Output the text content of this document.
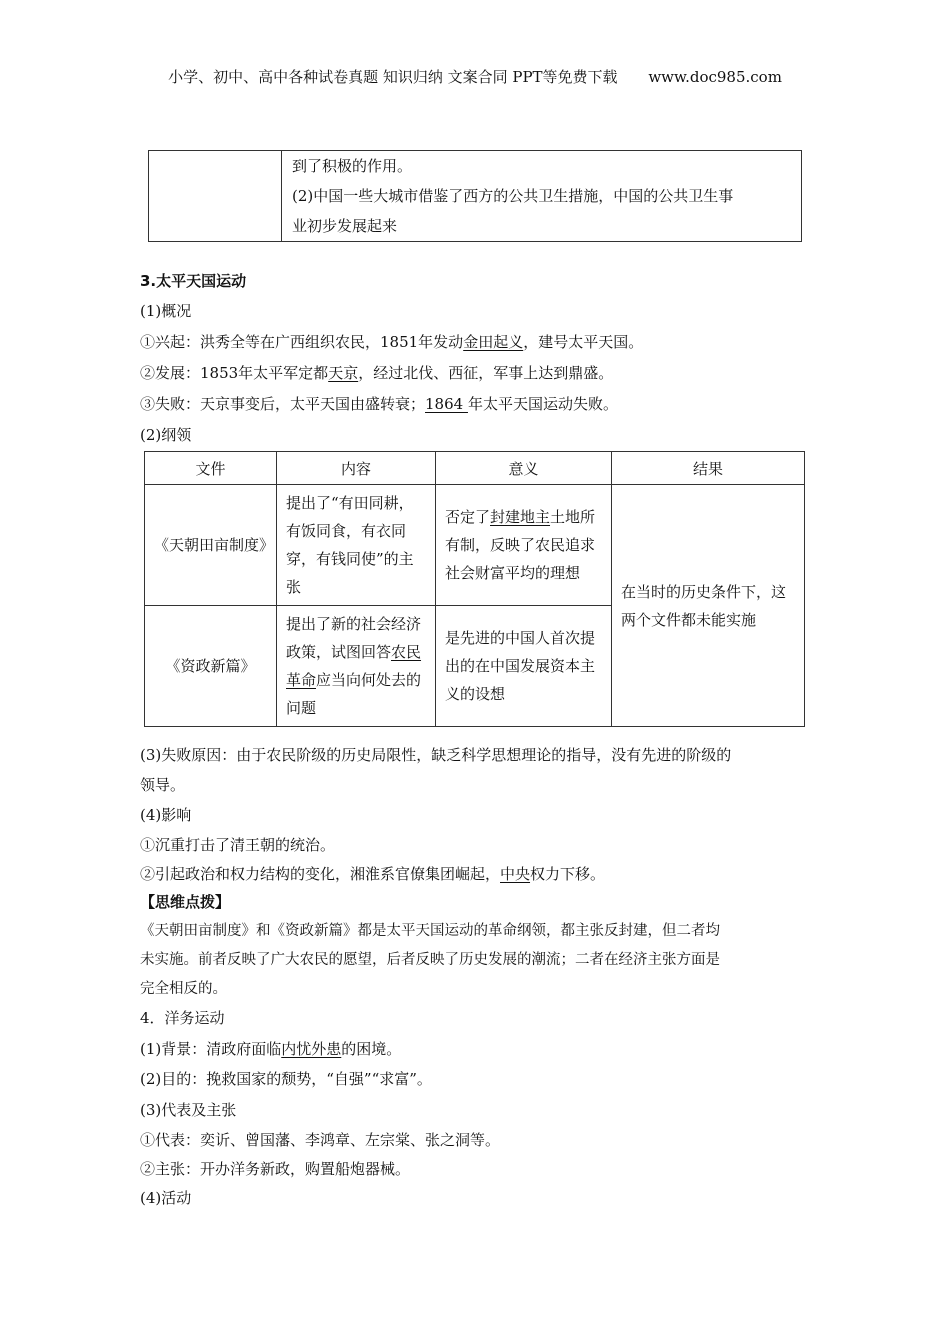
小学、初中、高中各种试卷真题 知识归纳 文案合同 PPT等免费下载 www.doc985.com

到了积极的作用。
(2)中国一些大城市借鉴了西方的公共卫生措施，中国的公共卫生事
业初步发展起来
3.太平天国运动
(1)概况
①兴起：洪秀全等在广西组织农民，1851年发动金田起义，建号太平天国。
②发展：1853年太平军定都天京，经过北伐、西征，军事上达到鼎盛。
③失败：天京事变后，太平天国由盛转衰；1864 年太平天国运动失败。
(2)纲领
文件	内容	意义	结果
《天朝田亩制度》	提出了“有田同耕，有饭同食，有衣同穿，有钱同使”的主张	否定了封建地主土地所有制，反映了农民追求社会财富平均的理想	在当时的历史条件下，这两个文件都未能实施
《资政新篇》	提出了新的社会经济政策，试图回答农民革命应当向何处去的问题	是先进的中国人首次提出的在中国发展资本主义的设想	
(3)失败原因：由于农民阶级的历史局限性，缺乏科学思想理论的指导，没有先进的阶级的
领导。
(4)影响
①沉重打击了清王朝的统治。
②引起政治和权力结构的变化，湘淮系官僚集团崛起，中央权力下移。
【思维点拨】
《天朝田亩制度》和《资政新篇》都是太平天国运动的革命纲领，都主张反封建，但二者均
未实施。前者反映了广大农民的愿望，后者反映了历史发展的潮流；二者在经济主张方面是
完全相反的。
4．洋务运动
(1)背景：清政府面临内忧外患的困境。
(2)目的：挽救国家的颓势，“自强”“求富”。
(3)代表及主张
①代表：奕䜣、曾国藩、李鸿章、左宗棠、张之洞等。
②主张：开办洋务新政，购置船炮器械。
(4)活动
